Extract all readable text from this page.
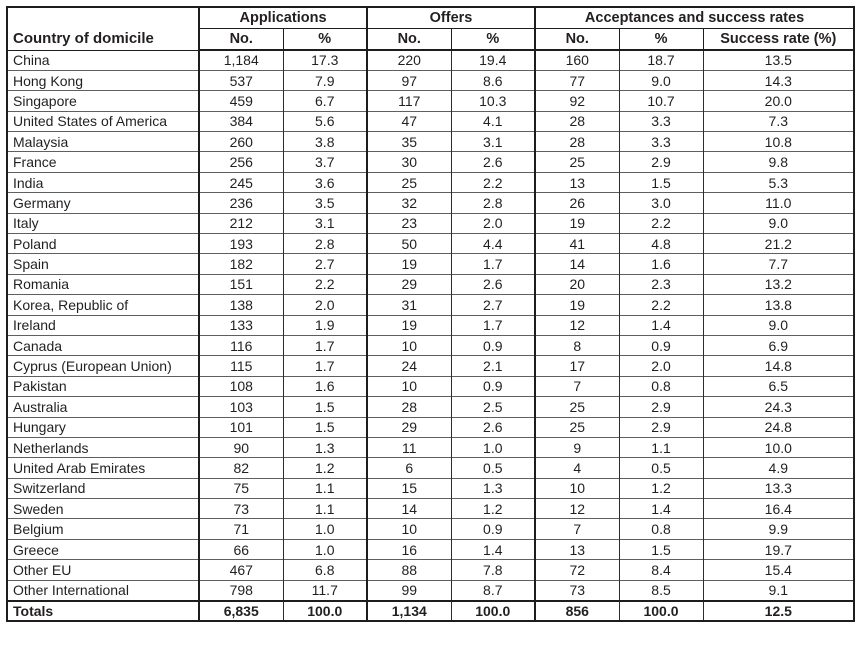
Country of domicile	Applications		Offers		Acceptances and success rates		
	No.	%	No.	%	No.	%	Success rate (%)
China	1,184	17.3	220	19.4	160	18.7	13.5
Hong Kong	537	7.9	97	8.6	77	9.0	14.3
Singapore	459	6.7	117	10.3	92	10.7	20.0
United States of America	384	5.6	47	4.1	28	3.3	7.3
Malaysia	260	3.8	35	3.1	28	3.3	10.8
France	256	3.7	30	2.6	25	2.9	9.8
India	245	3.6	25	2.2	13	1.5	5.3
Germany	236	3.5	32	2.8	26	3.0	11.0
Italy	212	3.1	23	2.0	19	2.2	9.0
Poland	193	2.8	50	4.4	41	4.8	21.2
Spain	182	2.7	19	1.7	14	1.6	7.7
Romania	151	2.2	29	2.6	20	2.3	13.2
Korea, Republic of	138	2.0	31	2.7	19	2.2	13.8
Ireland	133	1.9	19	1.7	12	1.4	9.0
Canada	116	1.7	10	0.9	8	0.9	6.9
Cyprus (European Union)	115	1.7	24	2.1	17	2.0	14.8
Pakistan	108	1.6	10	0.9	7	0.8	6.5
Australia	103	1.5	28	2.5	25	2.9	24.3
Hungary	101	1.5	29	2.6	25	2.9	24.8
Netherlands	90	1.3	11	1.0	9	1.1	10.0
United Arab Emirates	82	1.2	6	0.5	4	0.5	4.9
Switzerland	75	1.1	15	1.3	10	1.2	13.3
Sweden	73	1.1	14	1.2	12	1.4	16.4
Belgium	71	1.0	10	0.9	7	0.8	9.9
Greece	66	1.0	16	1.4	13	1.5	19.7
Other EU	467	6.8	88	7.8	72	8.4	15.4
Other International	798	11.7	99	8.7	73	8.5	9.1
Totals	6,835	100.0	1,134	100.0	856	100.0	12.5
